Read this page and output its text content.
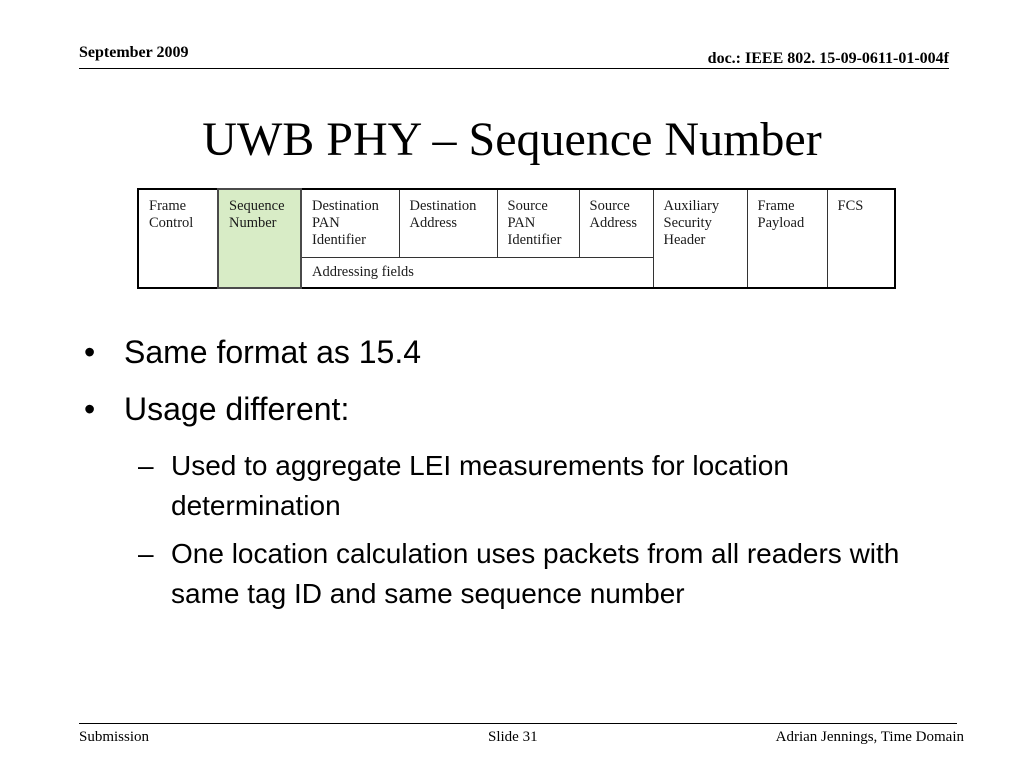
September 2009	doc.: IEEE 802. 15-09-0611-01-004f
UWB PHY – Sequence Number
Frame Control	Sequence Number	Destination PAN Identifier	Destination Address	Source PAN Identifier	Source Address	Auxiliary Security Header	Frame Payload	FCS
Addressing fields
• Same format as 15.4
• Usage different:
– Used to aggregate LEI measurements for location determination
– One location calculation uses packets from all readers with same tag ID and same sequence number
Submission	Slide 31	Adrian Jennings, Time Domain
